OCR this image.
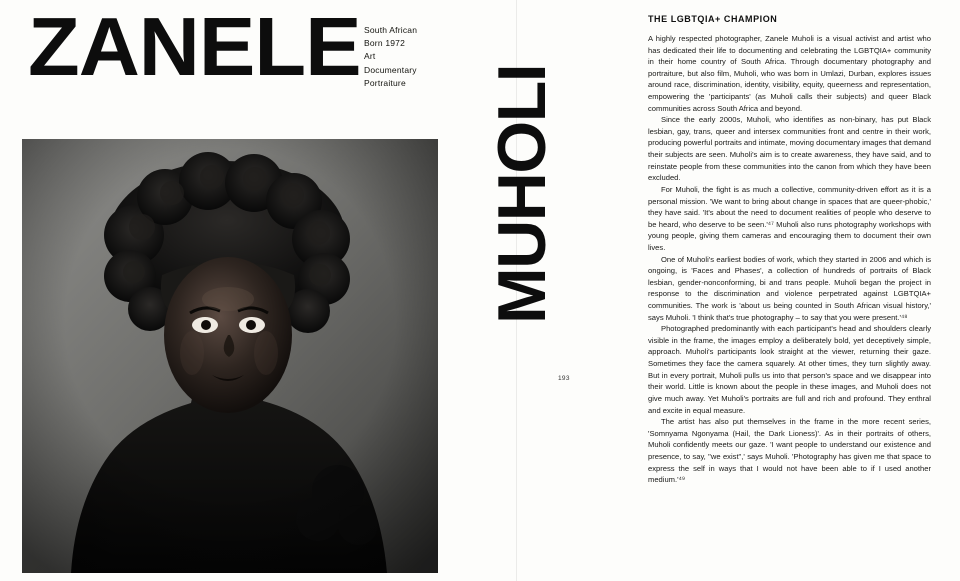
ZANELE South African
Born 1972
Art
Documentary
Portraiture MUHOLI
193
THE LGBTQIA+ CHAMPION

A highly respected photographer, Zanele Muholi is a visual activist and artist who has dedicated their life to documenting and celebrating the LGBTQIA+ community in their home country of South Africa. Through documentary photography and portraiture, but also film, Muholi, who was born in Umlazi, Durban, explores issues around race, discrimination, identity, visibility, equity, queerness and representation, empowering the 'participants' (as Muholi calls their subjects) and queer Black communities across South Africa and beyond.

Since the early 2000s, Muholi, who identifies as non-binary, has put Black lesbian, gay, trans, queer and intersex communities front and centre in their work, producing powerful portraits and intimate, moving documentary images that demand their subjects are seen. Muholi's aim is to create awareness, they have said, and to reinstate people from these communities into the canon from which they have been excluded.

For Muholi, the fight is as much a collective, community-driven effort as it is a personal mission. 'We want to bring about change in spaces that are queer-phobic,' they have said. 'It's about the need to document realities of people who deserve to be heard, who deserve to be seen.'⁴⁷ Muholi also runs photography workshops with young people, giving them cameras and encouraging them to document their own lives.

One of Muholi's earliest bodies of work, which they started in 2006 and which is ongoing, is 'Faces and Phases', a collection of hundreds of portraits of Black lesbian, gender-nonconforming, bi and trans people. Muholi began the project in response to the discrimination and violence perpetrated against LGBTQIA+ communities. The work is 'about us being counted in South African visual history,' says Muholi. 'I think that's true photography – to say that you were present.'⁴⁸

Photographed predominantly with each participant's head and shoulders clearly visible in the frame, the images employ a deliberately bold, yet deceptively simple, approach. Muholi's participants look straight at the viewer, returning their gaze. Sometimes they face the camera squarely. At other times, they turn slightly away. But in every portrait, Muholi pulls us into that person's space and we disappear into their world. Little is known about the people in these images, and Muholi does not give much away. Yet Muholi's portraits are full and rich and profound. They enthral and excite in equal measure.

The artist has also put themselves in the frame in the more recent series, 'Somnyama Ngonyama (Hail, the Dark Lioness)'. As in their portraits of others, Muholi confidently meets our gaze. 'I want people to understand our existence and presence, to say, "we exist",' says Muholi. 'Photography has given me that space to express the self in ways that I would not have been able to if I used another medium.'⁴⁹
